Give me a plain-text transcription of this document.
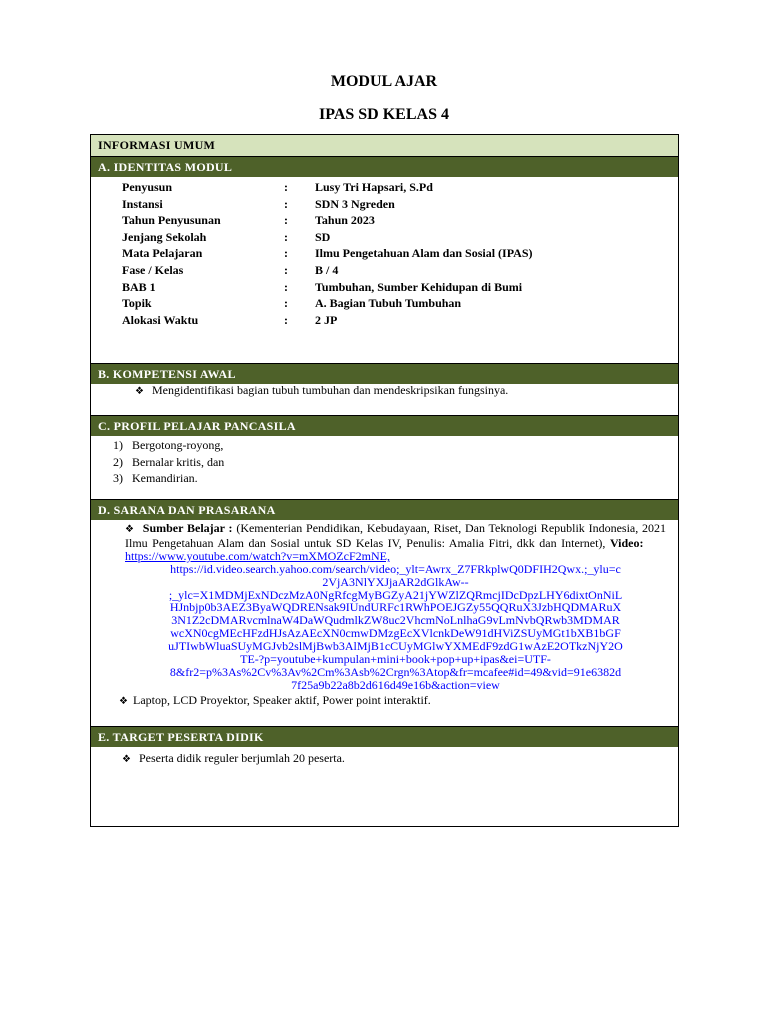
MODUL AJAR
IPAS SD KELAS 4
INFORMASI UMUM
A. IDENTITAS MODUL
Penyusun	:	Lusy Tri Hapsari, S.Pd
Instansi	:	SDN 3 Ngreden
Tahun Penyusunan	:	Tahun 2023
Jenjang Sekolah	:	SD
Mata Pelajaran	:	Ilmu Pengetahuan Alam dan Sosial (IPAS)
Fase / Kelas	:	B / 4
BAB 1	:	Tumbuhan, Sumber Kehidupan di Bumi
Topik	:	A. Bagian Tubuh Tumbuhan
Alokasi Waktu	:	2 JP
B. KOMPETENSI AWAL
❖ Mengidentifikasi bagian tubuh tumbuhan dan mendeskripsikan fungsinya.
C. PROFIL PELAJAR PANCASILA
1) Bergotong-royong,
2) Bernalar kritis, dan
3) Kemandirian.
D. SARANA DAN PRASARANA
❖ Sumber Belajar : (Kementerian Pendidikan, Kebudayaan, Riset, Dan Teknologi Republik Indonesia, 2021 Ilmu Pengetahuan Alam dan Sosial untuk SD Kelas IV, Penulis: Amalia Fitri, dkk dan Internet), Video: https://www.youtube.com/watch?v=mXMOZcF2mNE,
https://id.video.search.yahoo.com/search/video;_ylt=Awrx_Z7FRkplwQ0DFIH2Qwx.;_ylu=c
2VjA3NlYXJjaAR2dGlkAw--
;_ylc=X1MDMjExNDczMzA0NgRfcgMyBGZyA21jYWZlZQRmcjIDcDpzLHY6dixtOnNiL
HJnbjp0b3AEZ3ByaWQDRENsak9IUndURFc1RWhPOEJGZy55QQRuX3JzbHQDMARuX
3N1Z2cDMARvcmlnaW4DaWQudmlkZW8uc2VhcmNoLnlhaG9vLmNvbQRwb3MDMAR
wcXN0cgMEcHFzdHJsAzAEcXN0cmwDMzgEcXVlcnkDeW91dHViZSUyMGt1bXB1bGF
uJTIwbWluaSUyMGJvb2slMjBwb3AlMjB1cCUyMGlwYXMEdF9zdG1wAzE2OTkzNjY2O
TE-?p=youtube+kumpulan+mini+book+pop+up+ipas&ei=UTF-
8&fr2=p%3As%2Cv%3Av%2Cm%3Asb%2Crgn%3Atop&fr=mcafee#id=49&vid=91e6382d
7f25a9b22a8b2d616d49e16b&action=view
❖ Laptop, LCD Proyektor, Speaker aktif, Power point interaktif.
E. TARGET PESERTA DIDIK
❖ Peserta didik reguler berjumlah 20 peserta.
